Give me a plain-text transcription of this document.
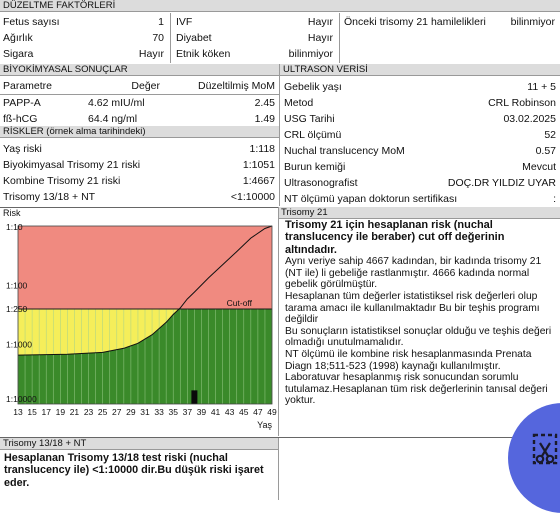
DÜZELTME FAKTÖRLERİ
Fetus sayısı	1
Ağırlık	70
Sigara	Hayır
IVF	Hayır
Diyabet	Hayır
Etnik köken	bilinmiyor
Önceki trisomy 21 hamilelikleri	bilinmiyor
BİYOKİMYASAL SONUÇLAR
Parametre	Değer	Düzeltilmiş MoM
PAPP-A	4.62 mIU/ml	2.45
fß-hCG	64.4 ng/ml	1.49
RİSKLER (örnek alma tarihindeki)
Yaş riski	1:118
Biyokimyasal Trisomy 21 riski	1:1051
Kombine Trisomy 21 riski	1:4667
Trisomy 13/18 + NT	<1:10000
ULTRASON VERİSİ
Gebelik yaşı	11 + 5
Metod	CRL Robinson
USG Tarihi	03.02.2025
CRL ölçümü	52
Nuchal translucency MoM	0.57
Burun kemiği	Mevcut
Ultrasonografist	DOÇ.DR YILDIZ UYAR
NT ölçümü yapan doktorun sertifikası	:
Risk
1:10
1:100
1:250
1:1000
1:10000
Cut-off
13 15 17 19 21 23 25 27 29 31 33 35 37 39 41 43 45 47 49
Yaş
Trisomy 21

Trisomy 21 için hesaplanan risk (nuchal translucency ile beraber) cut off değerinin altındadır.

Aynı veriye sahip 4667 kadından, bir kadında trisomy 21 (NT ile) li gebeliğe rastlanmıştır. 4666 kadında normal gebelik görülmüştür.

Hesaplanan tüm değerler istatistiksel risk değerleri olup tarama amacı ile kullanılmaktadır Bu bir teşhis programı değildir

Bu sonuçların istatistiksel sonuçlar olduğu ve teşhis değeri olmadığı unutulmamalıdır.

NT ölçümü ile kombine risk hesaplanmasında Prenata Diagn 18;511-523 (1998) kaynağı kullanılmıştır.

Laboratuvar hesaplanmış risk sonucundan sorumlu tutulamaz.Hesaplanan tüm risk değerlerinin tanısal değeri yoktur.

Trisomy 13/18 + NT
Hesaplanan Trisomy 13/18 test riski (nuchal translucency ile) <1:10000 dir.Bu düşük riski işaret eder.
